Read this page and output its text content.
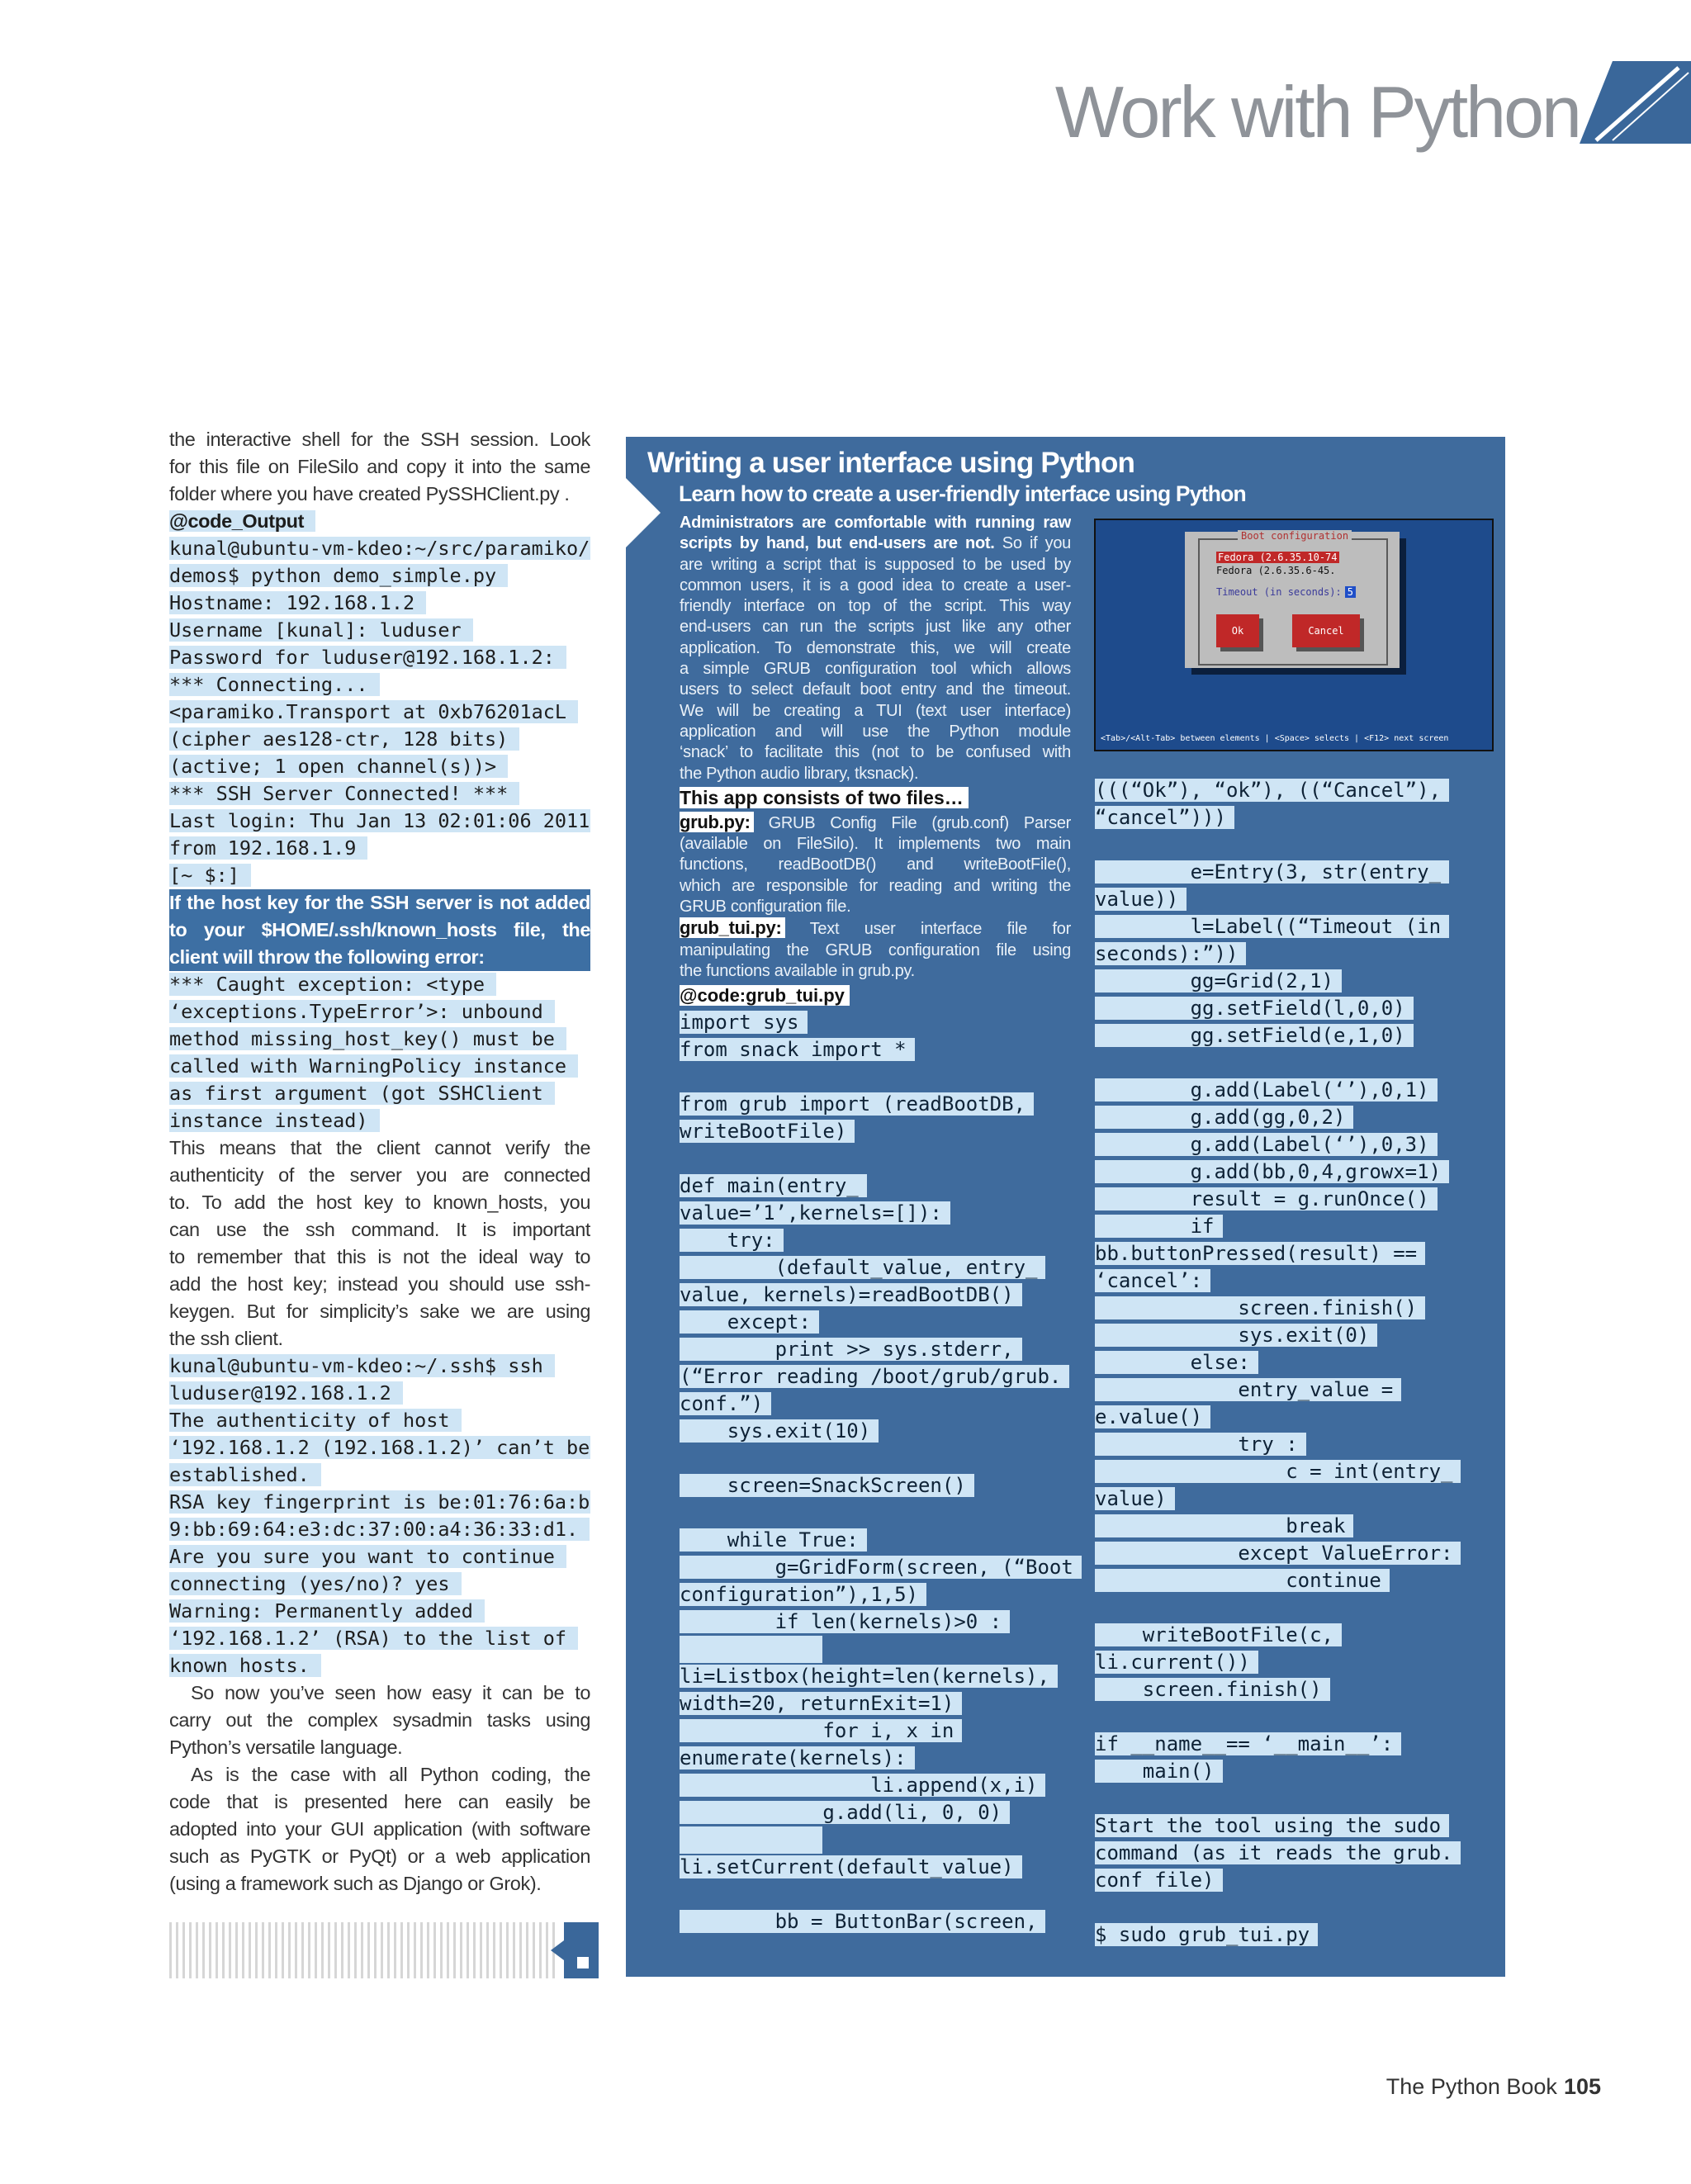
Work with Python
the interactive shell for the SSH session. Look
for this file on FileSilo and copy it into the same
folder where you have created PySSHClient.py .
@code_Output
kunal@ubuntu-vm-kdeo:~/src/paramiko/
demos$ python demo_simple.py
Hostname: 192.168.1.2
Username [kunal]: luduser
Password for luduser@192.168.1.2:
*** Connecting...
<paramiko.Transport at 0xb76201acL
(cipher aes128-ctr, 128 bits)
(active; 1 open channel(s))>
*** SSH Server Connected! ***
Last login: Thu Jan 13 02:01:06 2011
from 192.168.1.9
[~ $:]
If the host key for the SSH server is not added
to your $HOME/.ssh/known_hosts file, the
client will throw the following error:
*** Caught exception: <type
‘exceptions.TypeError’>: unbound
method missing_host_key() must be
called with WarningPolicy instance
as first argument (got SSHClient
instance instead)
This means that the client cannot verify the
authenticity of the server you are connected
to. To add the host key to known_hosts, you
can use the ssh command. It is important
to remember that this is not the ideal way to
add the host key; instead you should use ssh-
keygen. But for simplicity’s sake we are using
the ssh client.
kunal@ubuntu-vm-kdeo:~/.ssh$ ssh
luduser@192.168.1.2
The authenticity of host
‘192.168.1.2 (192.168.1.2)’ can’t be
established.
RSA key fingerprint is be:01:76:6a:b
9:bb:69:64:e3:dc:37:00:a4:36:33:d1.
Are you sure you want to continue
connecting (yes/no)? yes
Warning: Permanently added
‘192.168.1.2’ (RSA) to the list of
known hosts.
So now you’ve seen how easy it can be to
carry out the complex sysadmin tasks using
Python’s versatile language.
As is the case with all Python coding, the
code that is presented here can easily be
adopted into your GUI application (with software
such as PyGTK or PyQt) or a web application
(using a framework such as Django or Grok).
Writing a user interface using Python
Learn how to create a user-friendly interface using Python
Administrators are comfortable with running raw
scripts by hand, but end-users are not. So if you
are writing a script that is supposed to be used by
common users, it is a good idea to create a user-
friendly interface on top of the script. This way
end-users can run the scripts just like any other
application. To demonstrate this, we will create
a simple GRUB configuration tool which allows
users to select default boot entry and the timeout.
We will be creating a TUI (text user interface)
application and will use the Python module
‘snack’ to facilitate this (not to be confused with
the Python audio library, tksnack).
This app consists of two files…
grub.py: GRUB Config File (grub.conf) Parser
(available on FileSilo). It implements two main
functions, readBootDB() and writeBootFile(),
which are responsible for reading and writing the
GRUB configuration file.
grub_tui.py: Text user interface file for
manipulating the GRUB configuration file using
the functions available in grub.py.
@code:grub_tui.py
import sys
from snack import *

from grub import (readBootDB,
writeBootFile)

def main(entry_
value=’1’,kernels=[]):
try:
(default_value, entry_
value, kernels)=readBootDB()
except:
print >> sys.stderr,
(“Error reading /boot/grub/grub.
conf.”)
sys.exit(10)

screen=SnackScreen()

while True:
g=GridForm(screen, (“Boot
configuration”),1,5)
if len(kernels)>0 :

li=Listbox(height=len(kernels),
width=20, returnExit=1)
for i, x in
enumerate(kernels):
li.append(x,i)
g.add(li, 0, 0)

li.setCurrent(default_value)

bb = ButtonBar(screen,
Boot configuration
Fedora (2.6.35.10-74
Fedora (2.6.35.6-45.
Timeout (in seconds): 5
Ok	Cancel
<Tab>/<Alt-Tab> between elements | <Space> selects | <F12> next screen
(((“Ok”), “ok”), ((“Cancel”),
“cancel”)))

e=Entry(3, str(entry_
value))
l=Label((“Timeout (in
seconds):”))
gg=Grid(2,1)
gg.setField(l,0,0)
gg.setField(e,1,0)

g.add(Label(‘’),0,1)
g.add(gg,0,2)
g.add(Label(‘’),0,3)
g.add(bb,0,4,growx=1)
result = g.runOnce()
if
bb.buttonPressed(result) ==
‘cancel’:
screen.finish()
sys.exit(0)
else:
entry_value =
e.value()
try :
c = int(entry_
value)
break
except ValueError:
continue

writeBootFile(c,
li.current())
screen.finish()

if __name__== ‘__main__’:
main()

Start the tool using the sudo
command (as it reads the grub.
conf file)

$ sudo grub_tui.py
The Python Book 105
